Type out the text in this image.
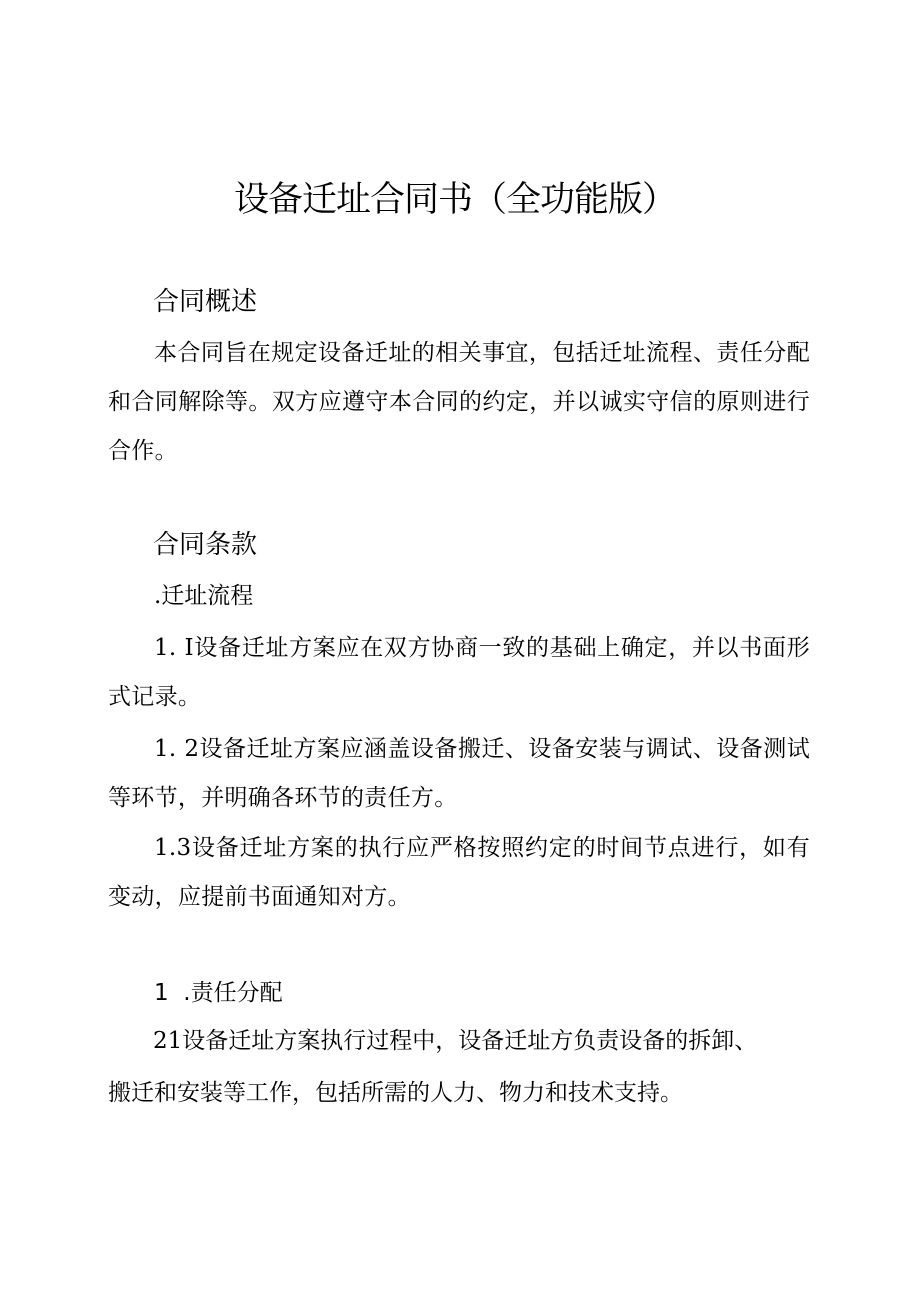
设备迁址合同书（全功能版）
合同概述

本合同旨在规定设备迁址的相关事宜，包括迁址流程、责任分配和合同解除等。双方应遵守本合同的约定，并以诚实守信的原则进行合作。

合同条款

.迁址流程

1. I设备迁址方案应在双方协商一致的基础上确定，并以书面形式记录。

1. 2设备迁址方案应涵盖设备搬迁、设备安装与调试、设备测试等环节，并明确各环节的责任方。

1.3设备迁址方案的执行应严格按照约定的时间节点进行，如有变动，应提前书面通知对方。

1  .责任分配

21设备迁址方案执行过程中，设备迁址方负责设备的拆卸、

搬迁和安装等工作，包括所需的人力、物力和技术支持。
